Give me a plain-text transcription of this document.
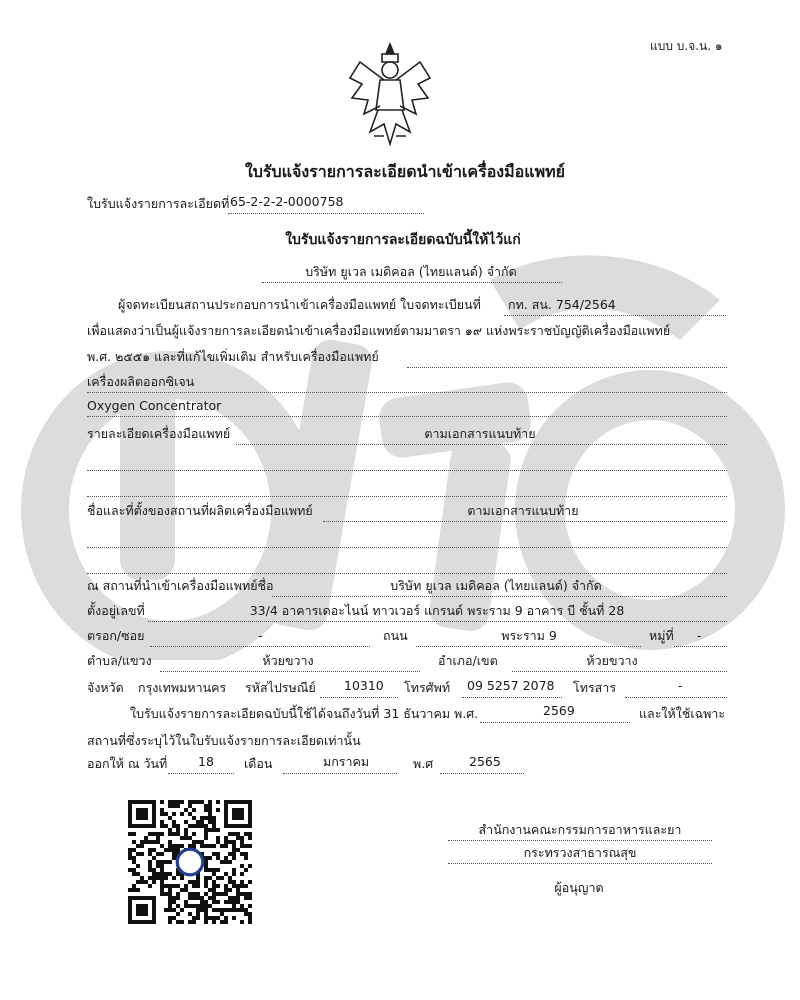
แบบ บ.จ.น. ๑
ใบรับแจ้งรายการละเอียดนำเข้าเครื่องมือแพทย์
ใบรับแจ้งรายการละเอียดที่ 65-2-2-2-0000758
ใบรับแจ้งรายการละเอียดฉบับนี้ให้ไว้แก่
บริษัท ยูเวล เมดิคอล (ไทยแลนด์) จำกัด
ผู้จดทะเบียนสถานประกอบการนำเข้าเครื่องมือแพทย์ ใบจดทะเบียนที่ กท. สน. 754/2564
เพื่อแสดงว่าเป็นผู้แจ้งรายการละเอียดนำเข้าเครื่องมือแพทย์ตามมาตรา ๑๙ แห่งพระราชบัญญัติเครื่องมือแพทย์
พ.ศ. ๒๕๕๑ และที่แก้ไขเพิ่มเติม สำหรับเครื่องมือแพทย์
เครื่องผลิตออกซิเจน
Oxygen Concentrator
รายละเอียดเครื่องมือแพทย์	ตามเอกสารแนบท้าย
ชื่อและที่ตั้งของสถานที่ผลิตเครื่องมือแพทย์	ตามเอกสารแนบท้าย
ณ สถานที่นำเข้าเครื่องมือแพทย์ชื่อ	บริษัท ยูเวล เมดิคอล (ไทยแลนด์) จำกัด
ตั้งอยู่เลขที่	33/4 อาคารเดอะไนน์ ทาวเวอร์ แกรนด์ พระราม 9 อาคาร บี ชั้นที่ 28
ตรอก/ซอย	-	ถนน	พระราม 9	หมู่ที่ -
ตำบล/แขวง	ห้วยขวาง	อำเภอ/เขต	ห้วยขวาง
จังหวัด กรุงเทพมหานคร รหัสไปรษณีย์ 10310 โทรศัพท์ 09 5257 2078 โทรสาร	-
ใบรับแจ้งรายการละเอียดฉบับนี้ใช้ได้จนถึงวันที่ 31 ธันวาคม พ.ศ.	2569	และให้ใช้เฉพาะ
สถานที่ซึ่งระบุไว้ในใบรับแจ้งรายการละเอียดเท่านั้น
ออกให้ ณ วันที่ 18 เดือน	มกราคม	พ.ศ	2565
สำนักงานคณะกรรมการอาหารและยา
กระทรวงสาธารณสุข
ผู้อนุญาต
